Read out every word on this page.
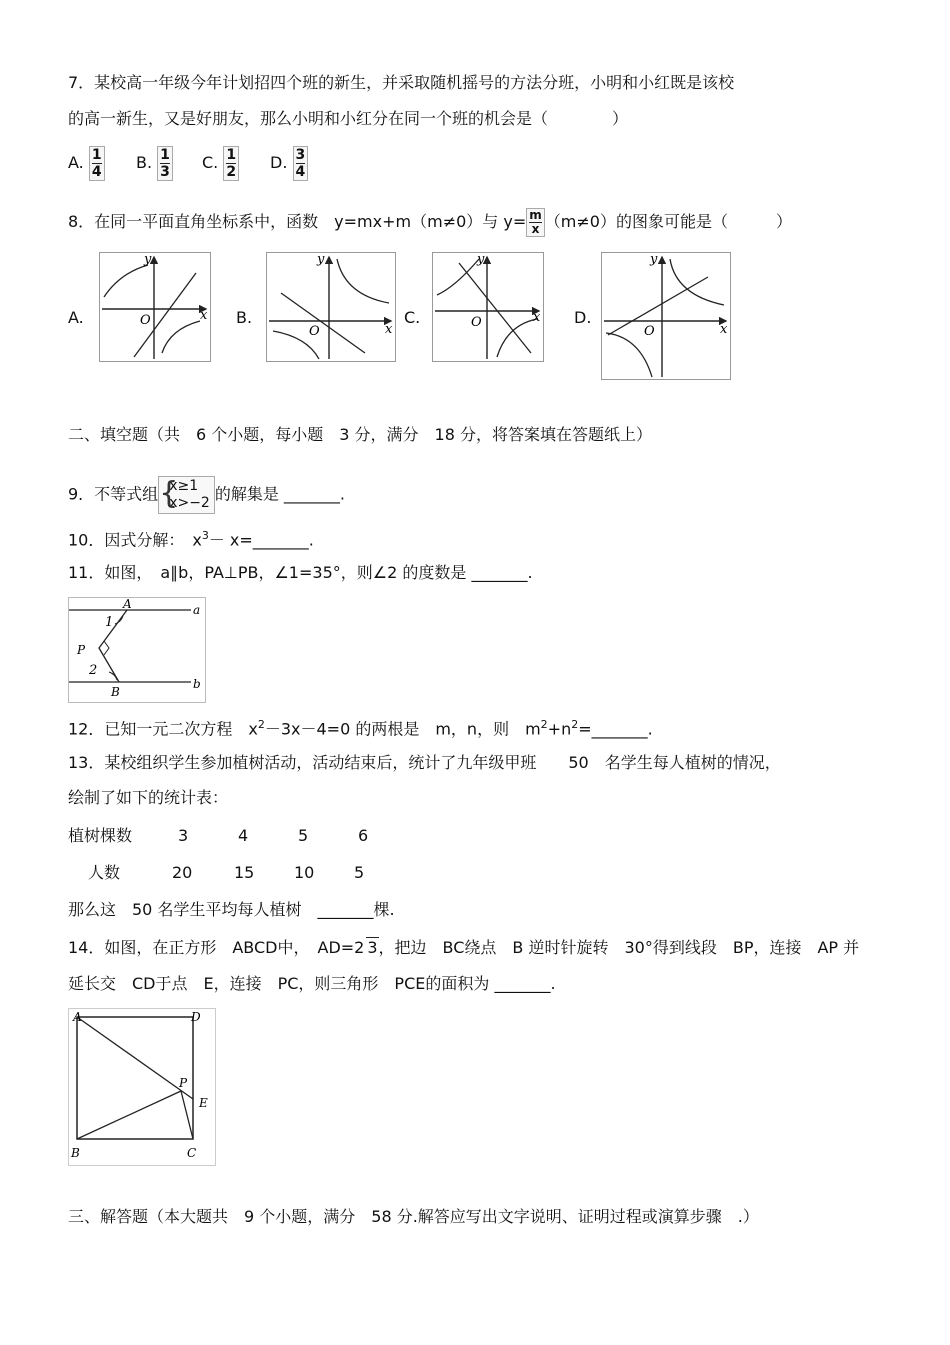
7．某校高一年级今年计划招四个班的新生，并采取随机摇号的方法分班，小明和小红既是该校
的高一新生，又是好朋友，那么小明和小红分在同一个班的机会是（　　　　）
A. $\frac{1}{4} B$. $\frac{1}{3} C$. $\frac{1}{2} D$. $\frac{3}{4}$
8．在同一平面直角坐标系中，函数　y=mx+m（m≠0）与 $y= \frac{m}{x} (m\ne 0)$的图象可能是（　　　）
A.
y
x
O	B.
y
x
O
C.
y
x
O	D.
y
x
O
二、填空题（共　6 个小题，每小题　3 分，满分　18 分，将答案填在答题纸上）
9．不等式组
{ x≥1
x>−2 的解集是 _______.
10．因式分解：　$x^3-$ x=_______.
11．如图，　a∥b，PA⊥PB，∠1=35°，则∠2 的度数是 _______.
A	a
1
P
2
B
b
12．已知一元二次方程　$x^2-3x-4=0$ 的两根是　m，n，则　$m^2+n^2=\_\_\_\_\_\_\_$.
13．某校组织学生参加植树活动，活动结束后，统计了九年级甲班　　50　名学生每人植树的情况，
绘制了如下的统计表：
植树棵数	3	4	5	6
人数	20	15 10 5
那么这　50 名学生平均每人植树　_______棵.
14．如图，在正方形　ABCD中，　AD=2 3，把边　BC绕点　B 逆时针旋转　30°得到线段　BP，连接　AP 并
延长交　CD于点　E，连接　PC，则三角形　PCE的面积为 _______.
A	D
P
E
B	C
三、解答题（本大题共　9 个小题，满分　58 分.解答应写出文字说明、证明过程或演算步骤　.）
